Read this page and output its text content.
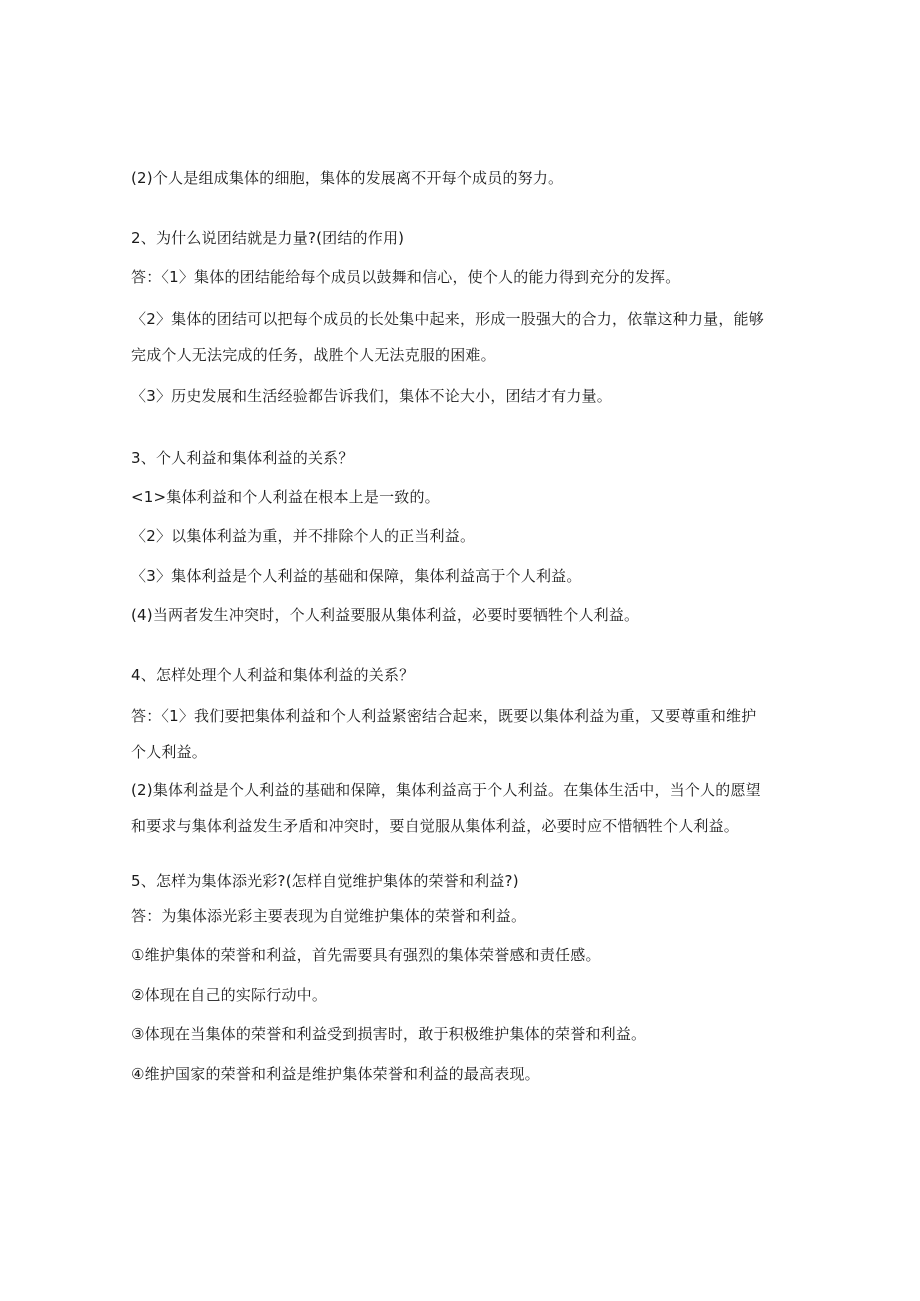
(2)个人是组成集体的细胞，集体的发展离不开每个成员的努力。
2、为什么说团结就是力量?(团结的作用)
答：〈1〉集体的团结能给每个成员以鼓舞和信心，使个人的能力得到充分的发挥。
〈2〉集体的团结可以把每个成员的长处集中起来，形成一股强大的合力，依靠这种力量，能够
完成个人无法完成的任务，战胜个人无法克服的困难。
〈3〉历史发展和生活经验都告诉我们，集体不论大小，团结才有力量。
3、个人利益和集体利益的关系？
<1>集体利益和个人利益在根本上是一致的。
〈2〉以集体利益为重，并不排除个人的正当利益。
〈3〉集体利益是个人利益的基础和保障，集体利益高于个人利益。
(4)当两者发生冲突时，个人利益要服从集体利益，必要时要牺牲个人利益。
4、怎样处理个人利益和集体利益的关系？
答：〈1〉我们要把集体利益和个人利益紧密结合起来，既要以集体利益为重，又要尊重和维护
个人利益。
(2)集体利益是个人利益的基础和保障，集体利益高于个人利益。在集体生活中，当个人的愿望
和要求与集体利益发生矛盾和冲突时，要自觉服从集体利益，必要时应不惜牺牲个人利益。
5、怎样为集体添光彩?(怎样自觉维护集体的荣誉和利益?)
答：为集体添光彩主要表现为自觉维护集体的荣誉和利益。
①维护集体的荣誉和利益，首先需要具有强烈的集体荣誉感和责任感。
②体现在自己的实际行动中。
③体现在当集体的荣誉和利益受到损害时，敢于积极维护集体的荣誉和利益。
④维护国家的荣誉和利益是维护集体荣誉和利益的最高表现。
